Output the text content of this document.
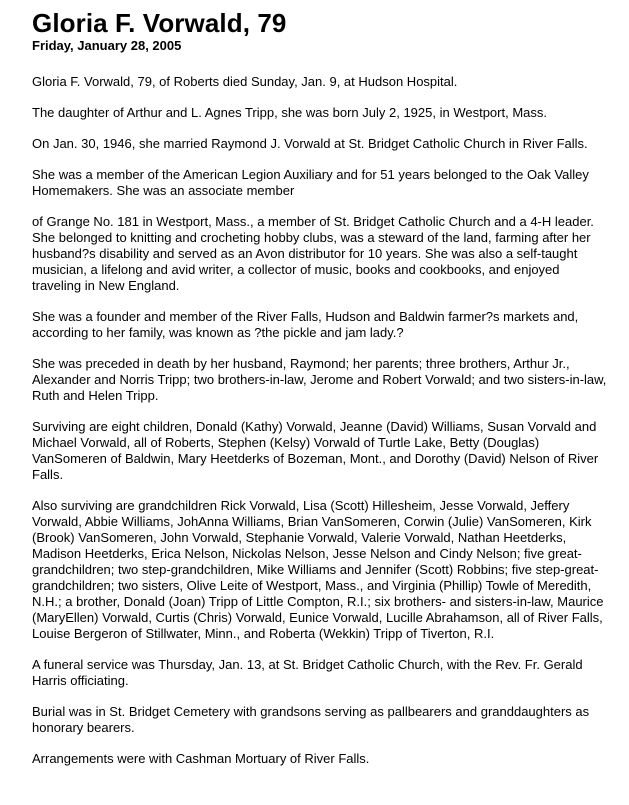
Gloria F. Vorwald, 79
Friday, January 28, 2005

Gloria F. Vorwald, 79, of Roberts died Sunday, Jan. 9, at Hudson Hospital.

The daughter of Arthur and L. Agnes Tripp, she was born July 2, 1925, in Westport, Mass.

On Jan. 30, 1946, she married Raymond J. Vorwald at St. Bridget Catholic Church in River Falls.

She was a member of the American Legion Auxiliary and for 51 years belonged to the Oak Valley Homemakers. She was an associate member

of Grange No. 181 in Westport, Mass., a member of St. Bridget Catholic Church and a 4-H leader. She belonged to knitting and crocheting hobby clubs, was a steward of the land, farming after her husband?s disability and served as an Avon distributor for 10 years. She was also a self-taught musician, a lifelong and avid writer, a collector of music, books and cookbooks, and enjoyed traveling in New England.

She was a founder and member of the River Falls, Hudson and Baldwin farmer?s markets and, according to her family, was known as ?the pickle and jam lady.?

She was preceded in death by her husband, Raymond; her parents; three brothers, Arthur Jr., Alexander and Norris Tripp; two brothers-in-law, Jerome and Robert Vorwald; and two sisters-in-law, Ruth and Helen Tripp.

Surviving are eight children, Donald (Kathy) Vorwald, Jeanne (David) Williams, Susan Vorvald and Michael Vorwald, all of Roberts, Stephen (Kelsy) Vorwald of Turtle Lake, Betty (Douglas) VanSomeren of Baldwin, Mary Heetderks of Bozeman, Mont., and Dorothy (David) Nelson of River Falls.

Also surviving are grandchildren Rick Vorwald, Lisa (Scott) Hillesheim, Jesse Vorwald, Jeffery Vorwald, Abbie Williams, JohAnna Williams, Brian VanSomeren, Corwin (Julie) VanSomeren, Kirk (Brook) VanSomeren, John Vorwald, Stephanie Vorwald, Valerie Vorwald, Nathan Heetderks, Madison Heetderks, Erica Nelson, Nickolas Nelson, Jesse Nelson and Cindy Nelson; five great-grandchildren; two step-grandchildren, Mike Williams and Jennifer (Scott) Robbins; five step-great-grandchildren; two sisters, Olive Leite of Westport, Mass., and Virginia (Phillip) Towle of Meredith, N.H.; a brother, Donald (Joan) Tripp of Little Compton, R.I.; six brothers- and sisters-in-law, Maurice (MaryEllen) Vorwald, Curtis (Chris) Vorwald, Eunice Vorwald, Lucille Abrahamson, all of River Falls, Louise Bergeron of Stillwater, Minn., and Roberta (Wekkin) Tripp of Tiverton, R.I.

A funeral service was Thursday, Jan. 13, at St. Bridget Catholic Church, with the Rev. Fr. Gerald Harris officiating.

Burial was in St. Bridget Cemetery with grandsons serving as pallbearers and granddaughters as honorary bearers.

Arrangements were with Cashman Mortuary of River Falls.
